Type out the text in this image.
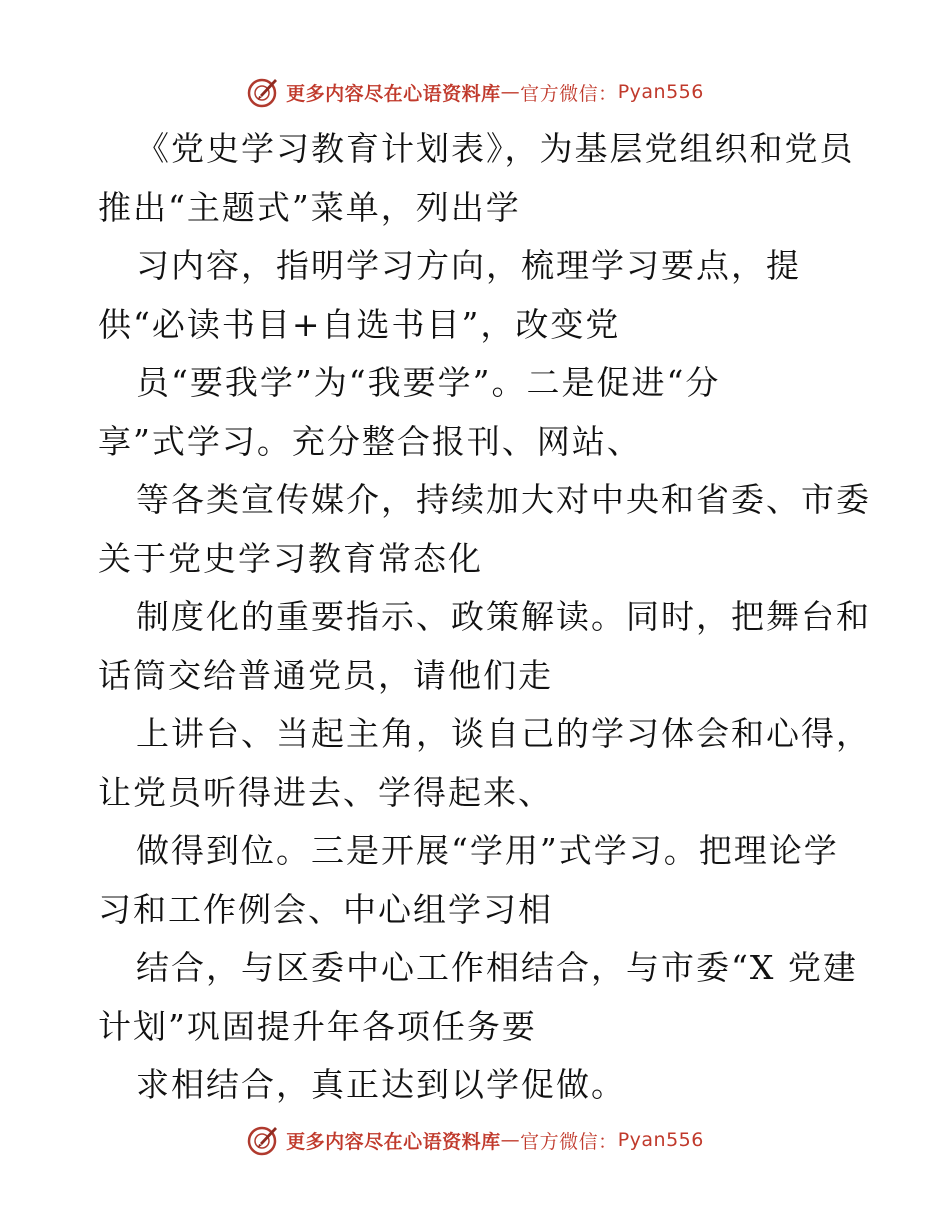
更多内容尽在心语资料库 — 官方微信： Pyan556
《党史学习教育计划表》，为基层党组织和党员
推出“主题式”菜单，列出学
习内容，指明学习方向，梳理学习要点，提
供“必读书目+自选书目”，改变党
员“要我学”为“我要学”。二是促进“分
享”式学习。充分整合报刊、网站、
等各类宣传媒介，持续加大对中央和省委、市委
关于党史学习教育常态化
制度化的重要指示、政策解读。同时，把舞台和
话筒交给普通党员，请他们走
上讲台、当起主角，谈自己的学习体会和心得，
让党员听得进去、学得起来、
做得到位。三是开展“学用”式学习。把理论学
习和工作例会、中心组学习相
结合，与区委中心工作相结合，与市委“X 党建
计划”巩固提升年各项任务要
求相结合，真正达到以学促做。
更多内容尽在心语资料库 — 官方微信： Pyan556
